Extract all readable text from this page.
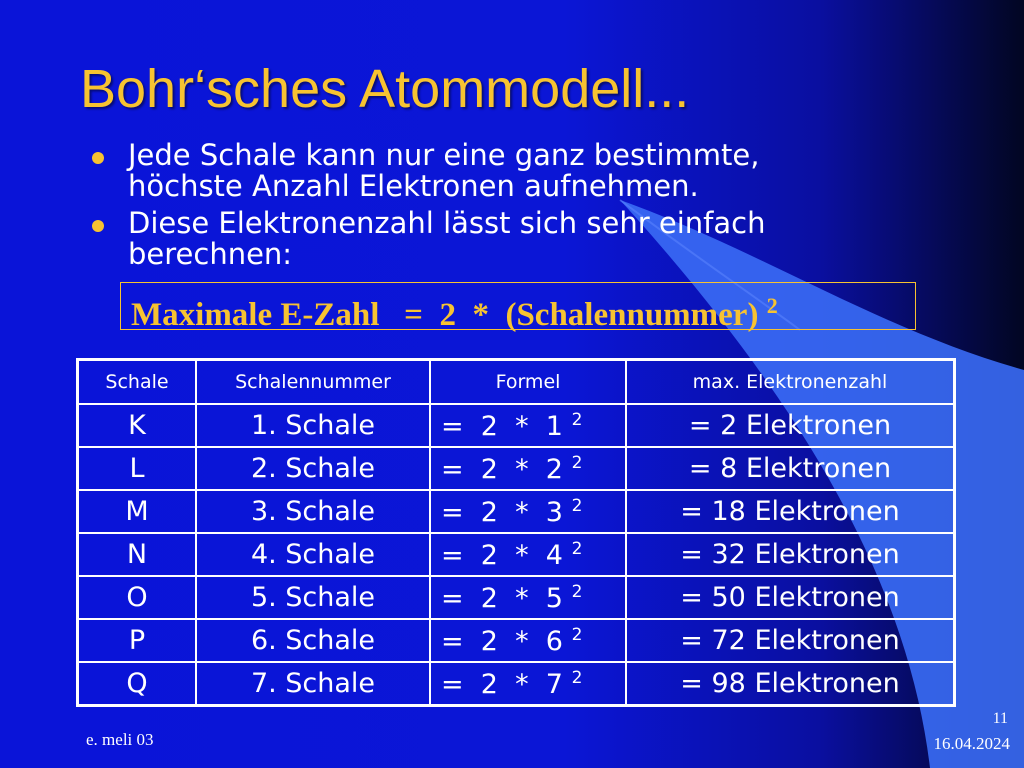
Bohr‘sches Atommodell...
Jede Schale kann nur eine ganz bestimmte,
höchste Anzahl Elektronen aufnehmen.
Diese Elektronenzahl lässt sich sehr einfach
berechnen:
Maximale E-Zahl   =  2  *  (Schalennummer) $^2$
Schale	Schalennummer	Formel	max. Elektronenzahl
K	1. Schale	=  2  *  1 $^2$	= 2 Elektronen
L	2. Schale	=  2  *  2 $^2$	= 8 Elektronen
M	3. Schale	=  2  *  3 $^2$	= 18 Elektronen
N	4. Schale	=  2  *  4 $^2$	= 32 Elektronen
O	5. Schale	=  2  *  5 $^2$	= 50 Elektronen
P	6. Schale	=  2  *  6 $^2$	= 72 Elektronen
Q	7. Schale	=  2  *  7 $^2$	= 98 Elektronen
e. meli 03
11
16.04.2024
